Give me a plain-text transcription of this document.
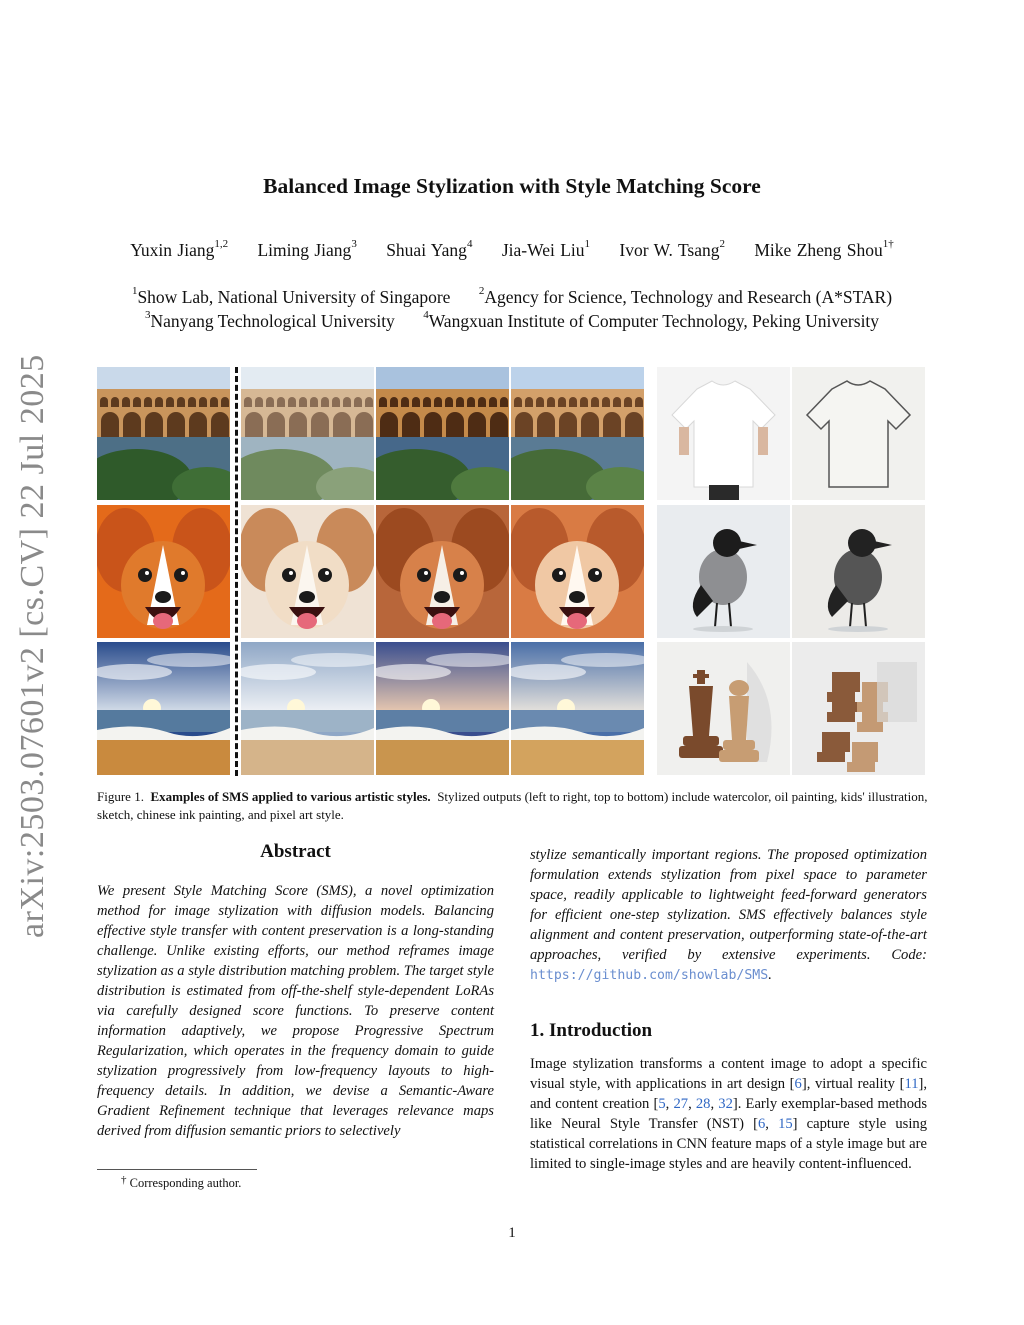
arXiv:2503.07601v2 [cs.CV] 22 Jul 2025
Balanced Image Stylization with Style Matching Score
Yuxin Jiang$^{1,2}$ Liming Jiang$^3$ Shuai Yang$^4$ Jia-Wei Liu$^1$ Ivor W. Tsang$^2$ Mike Zheng Shou$^{1\dagger}$
$^1$Show Lab, National University of Singapore	$^2$Agency for Science, Technology and Research (A*STAR)
$^3$Nanyang Technological University	$^4$Wangxuan Institute of Computer Technology, Peking University
Figure 1. Examples of SMS applied to various artistic styles. Stylized outputs (left to right, top to bottom) include watercolor, oil painting, kids' illustration, sketch, chinese ink painting, and pixel art style.
Abstract
We present Style Matching Score (SMS), a novel optimization method for image stylization with diffusion models. Balancing effective style transfer with content preservation is a long-standing challenge. Unlike existing efforts, our method reframes image stylization as a style distribution matching problem. The target style distribution is estimated from off-the-shelf style-dependent LoRAs via carefully designed score functions. To preserve content information adaptively, we propose Progressive Spectrum Regularization, which operates in the frequency domain to guide stylization progressively from low-frequency layouts to high-frequency details. In addition, we devise a Semantic-Aware Gradient Refinement technique that leverages relevance maps derived from diffusion semantic priors to selectively
stylize semantically important regions. The proposed optimization formulation extends stylization from pixel space to parameter space, readily applicable to lightweight feed-forward generators for efficient one-step stylization. SMS effectively balances style alignment and content preservation, outperforming state-of-the-art approaches, verified by extensive experiments. Code: https://github.com/showlab/SMS.
1. Introduction
Image stylization transforms a content image to adopt a specific visual style, with applications in art design [6], virtual reality [11], and content creation [5, 27, 28, 32]. Early exemplar-based methods like Neural Style Transfer (NST) [6, 15] capture style using statistical correlations in CNN feature maps of a style image but are limited to single-image styles and are heavily content-influenced.
† Corresponding author.
1
